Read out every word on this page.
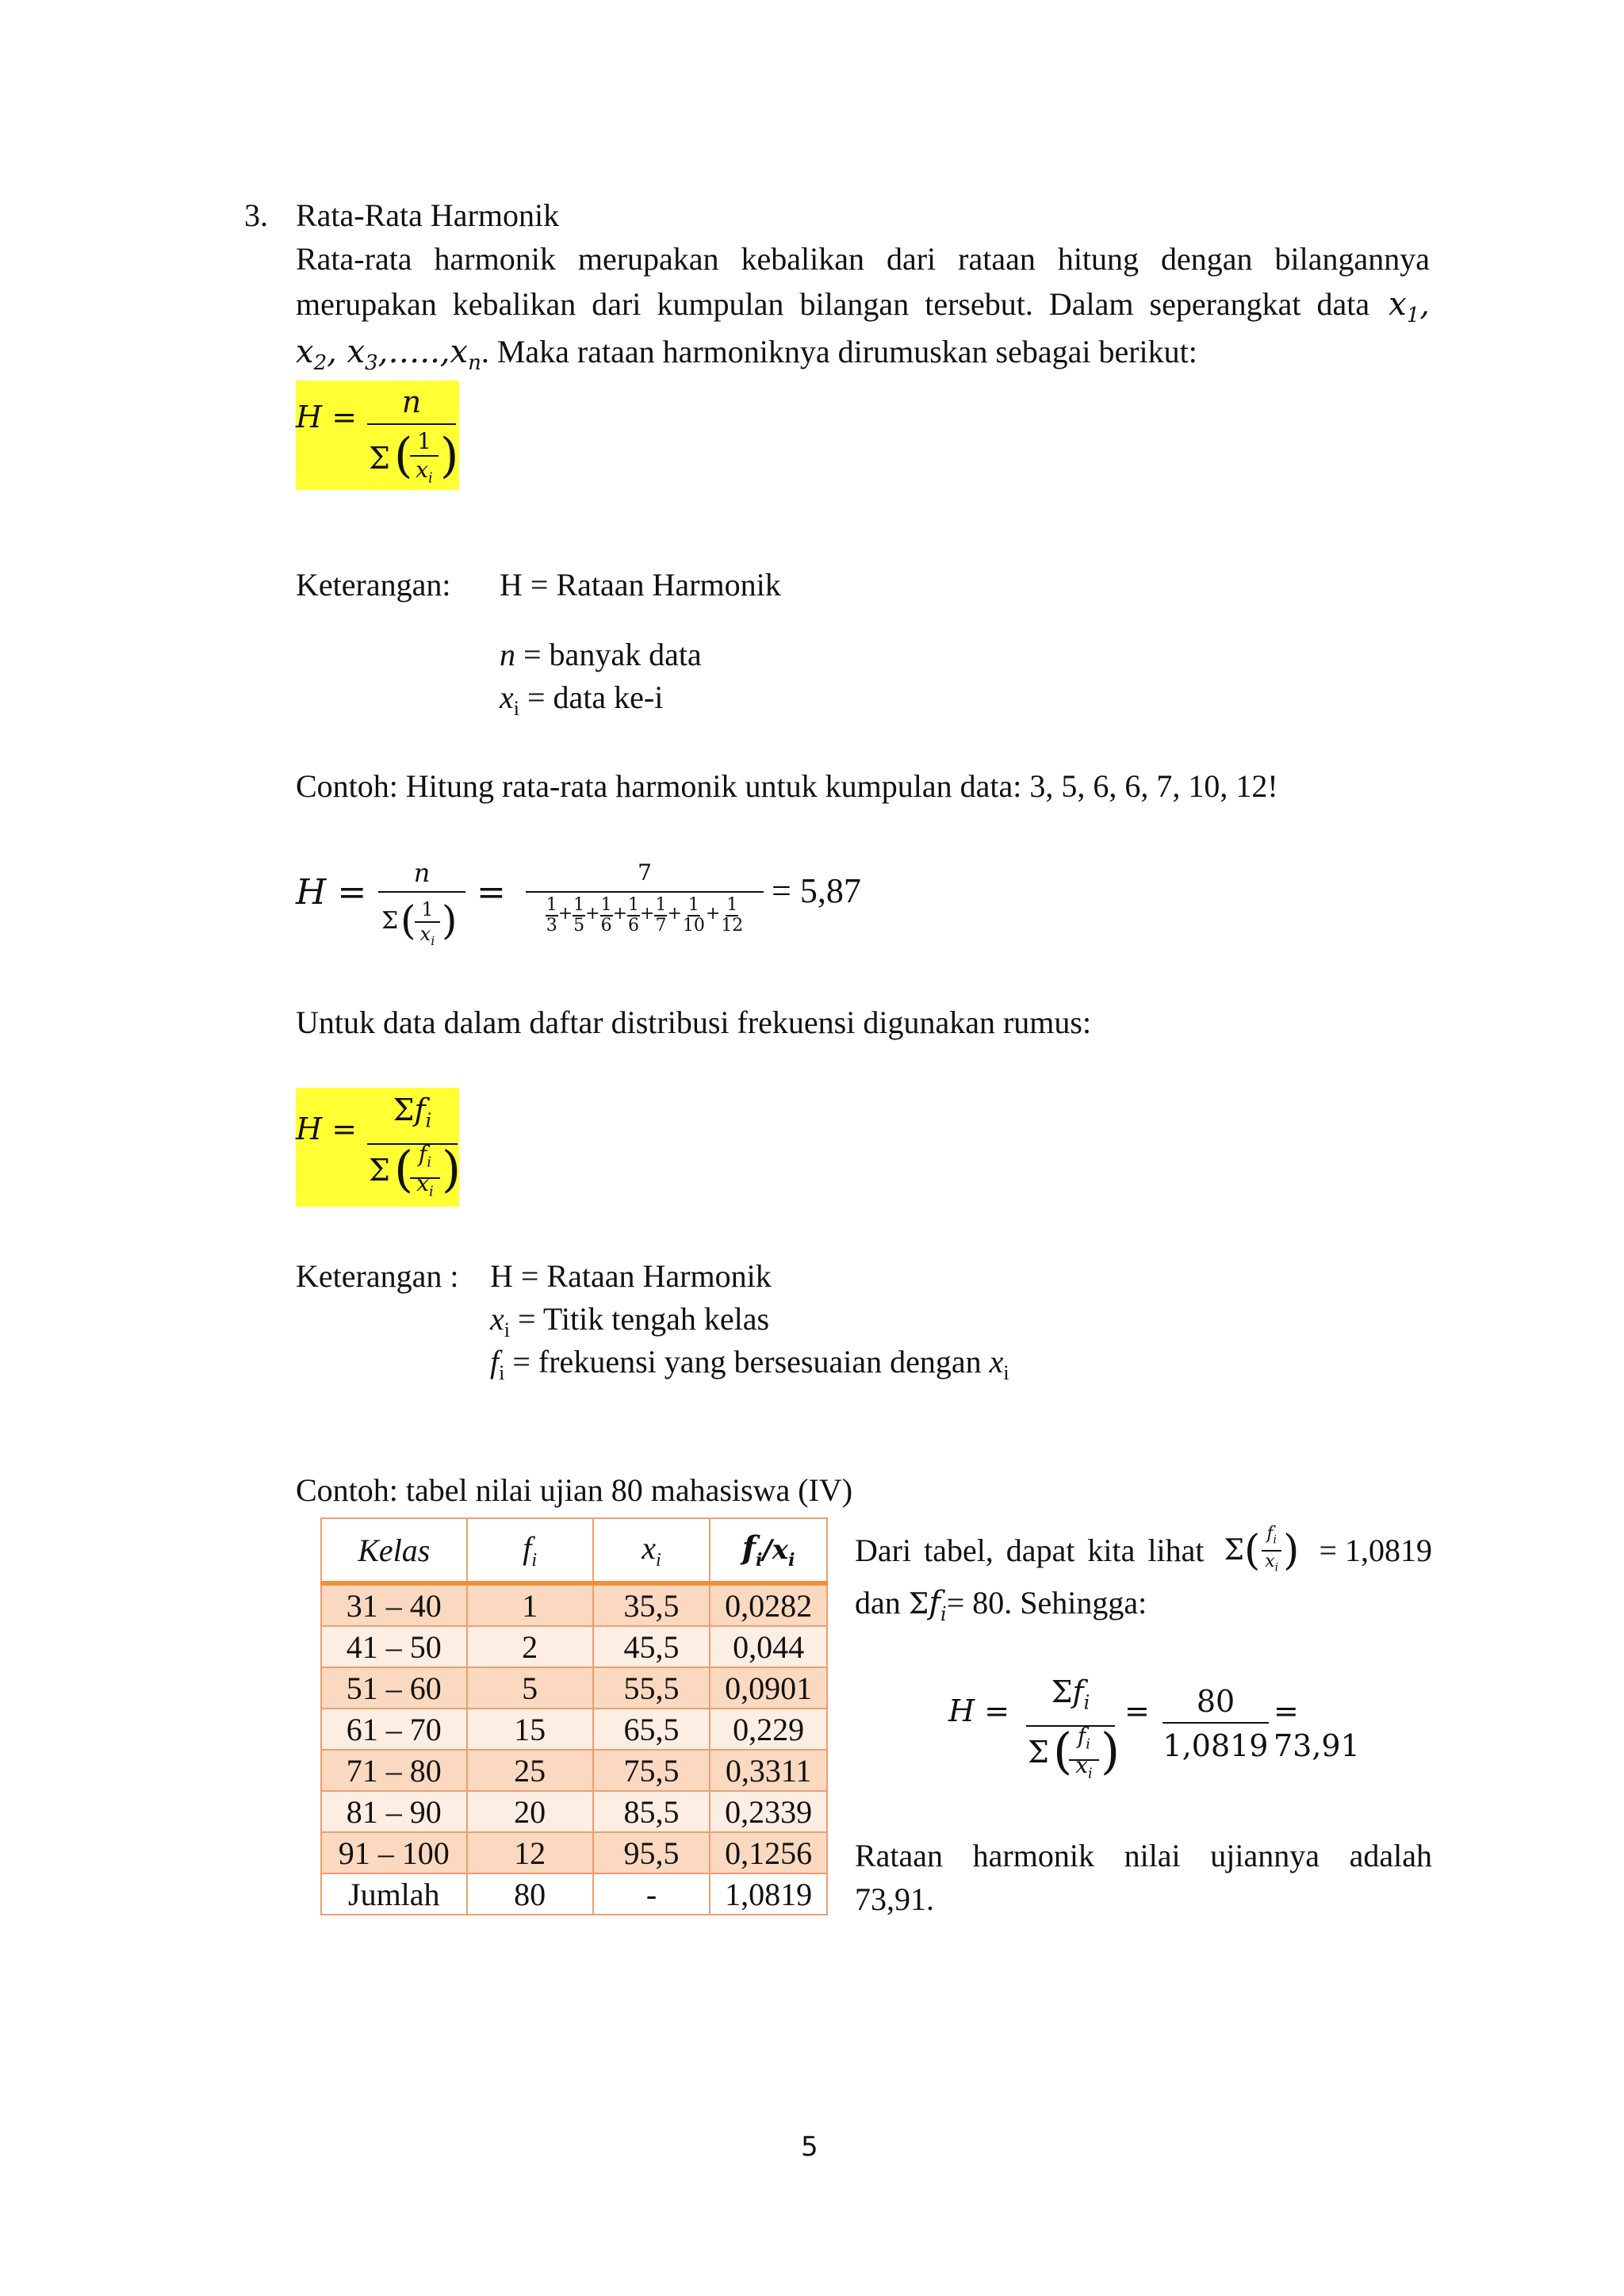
3. Rata-Rata Harmonik
Rata-rata harmonik merupakan kebalikan dari rataan hitung dengan bilangannya
merupakan kebalikan dari kumpulan bilangan tersebut. Dalam seperangkat data $x_1$,
$x_2$, $x_3,\dots..,x_n$. Maka rataan harmoniknya dirumuskan sebagai berikut:
H =	n
Σ ( 1
$x_i$ )
Keterangan: H = Rataan Harmonik
n = banyak data
$x_i$ = data ke-i
Contoh: Hitung rata-rata harmonik untuk kumpulan data: 3, 5, 6, 6, 7, 10, 12!
H =	n
Σ ( 1
$x_i$ )
=	7
$\frac{1}{3} + \frac{1}{5} + \frac{1}{6} + \frac{1}{6} + \frac{1}{7} + \frac{1}{10} + \frac{1}{12}$
= 5,87
Untuk data dalam daftar distribusi frekuensi digunakan rumus:
H =
$\Sigma f_i$
Σ ( $f_i$
$x_i$ )
Keterangan : H = Rataan Harmonik
$x_i$ = Titik tengah kelas
$f_i$ = frekuensi yang bersesuaian dengan $x_i$
Contoh: tabel nilai ujian 80 mahasiswa (IV)
Kelas	$f_i$	$x_i$	$f_i/x_i$
31 – 40	1	35,5	0,0282
41 – 50	2	45,5	0,044
51 – 60	5	55,5	0,0901
61 – 70	15	65,5	0,229
71 – 80	25	75,5	0,3311
81 – 90	20	85,5	0,2339
91 – 100	12	95,5	0,1256
Jumlah	80	-	1,0819
Dari tabel, dapat kita lihat Σ ( $\frac{f_i}{x_i}$ ) = 1,0819
dan $\Sigma f_i= 80$. Sehingga:
H =
$\Sigma f_i$
Σ ( $f_i$
$x_i$ )
=	80
1,0819
= 73,91
Rataan harmonik nilai ujiannya adalah
73,91.
5
